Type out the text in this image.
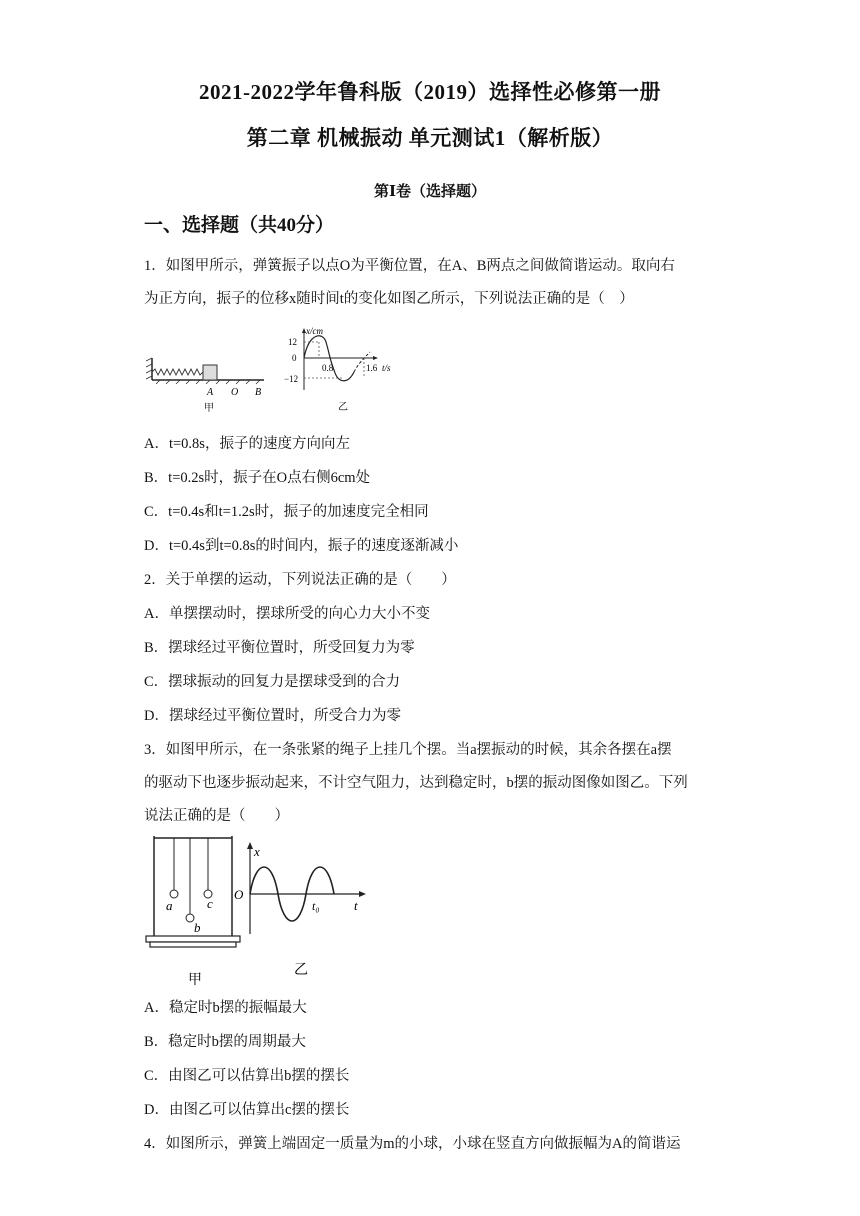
2021-2022学年鲁科版（2019）选择性必修第一册
第二章 机械振动 单元测试1（解析版）
第Ⅰ卷（选择题）
一、选择题（共40分）
1．如图甲所示，弹簧振子以点O为平衡位置，在A、B两点之间做简谐运动。取向右
为正方向，振子的位移x随时间t的变化如图乙所示，下列说法正确的是（　）
A O B
甲
x/cm
12
0
−12
0.8	1.6 t/s
乙
A．t=0.8s，振子的速度方向向左
B．t=0.2s时，振子在O点右侧6cm处
C．t=0.4s和t=1.2s时，振子的加速度完全相同
D．t=0.4s到t=0.8s的时间内，振子的速度逐渐减小
2．关于单摆的运动，下列说法正确的是（　　）
A．单摆摆动时，摆球所受的向心力大小不变
B．摆球经过平衡位置时，所受回复力为零
C．摆球振动的回复力是摆球受到的合力
D．摆球经过平衡位置时，所受合力为零
3．如图甲所示，在一条张紧的绳子上挂几个摆。当a摆振动的时候，其余各摆在a摆
的驱动下也逐步振动起来，不计空气阻力，达到稳定时，b摆的振动图像如图乙。下列
说法正确的是（　　）
a
b
c
甲
x
O
t₀	t
乙
A．稳定时b摆的振幅最大
B．稳定时b摆的周期最大
C．由图乙可以估算出b摆的摆长
D．由图乙可以估算出c摆的摆长
4．如图所示，弹簧上端固定一质量为m的小球，小球在竖直方向做振幅为A的简谐运
